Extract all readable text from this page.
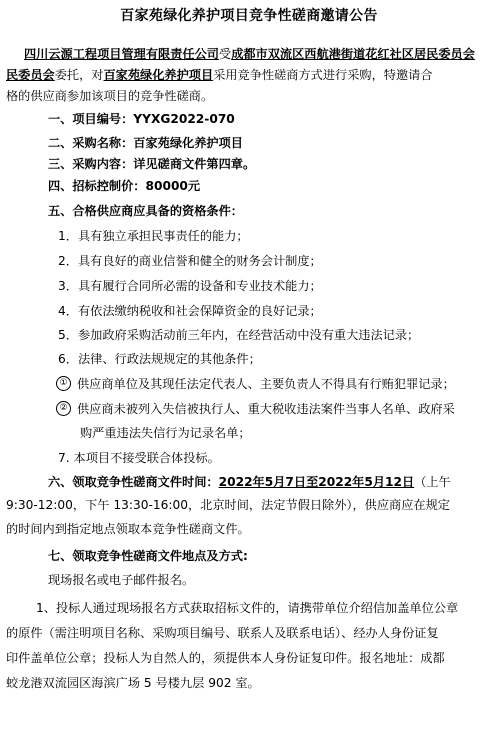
百家苑绿化养护项目竞争性磋商邀请公告
四川云源工程项目管理有限责任公司受成都市双流区西航港街道花红社区居民委员会
民委员会委托，对百家苑绿化养护项目采用竞争性磋商方式进行采购，特邀请合
格的供应商参加该项目的竞争性磋商。
一、项目编号：YYXG2022-070
二、采购名称：百家苑绿化养护项目
三、采购内容：详见磋商文件第四章。
四、招标控制价：80000元
五、合格供应商应具备的资格条件：
1．具有独立承担民事责任的能力；
2．具有良好的商业信誉和健全的财务会计制度；
3．具有履行合同所必需的设备和专业技术能力；
4．有依法缴纳税收和社会保障资金的良好记录；
5．参加政府采购活动前三年内，在经营活动中没有重大违法记录；
6．法律、行政法规规定的其他条件；
① 供应商单位及其现任法定代表人、主要负责人不得具有行贿犯罪记录；
② 供应商未被列入失信被执行人、重大税收违法案件当事人名单、政府采
购严重违法失信行为记录名单；
7. 本项目不接受联合体投标。
六、领取竞争性磋商文件时间：2022年5月7日至2022年5月12日（上午
9:30-12:00，下午 13:30-16:00，北京时间，法定节假日除外），供应商应在规定
的时间内到指定地点领取本竞争性磋商文件。
七、领取竞争性磋商文件地点及方式:
现场报名或电子邮件报名。
1、投标人通过现场报名方式获取招标文件的，请携带单位介绍信加盖单位公章
的原件（需注明项目名称、采购项目编号、联系人及联系电话）、经办人身份证复
印件盖单位公章；投标人为自然人的，须提供本人身份证复印件。报名地址：成都
蛟龙港双流园区海滨广场 5 号楼九层 902 室。
